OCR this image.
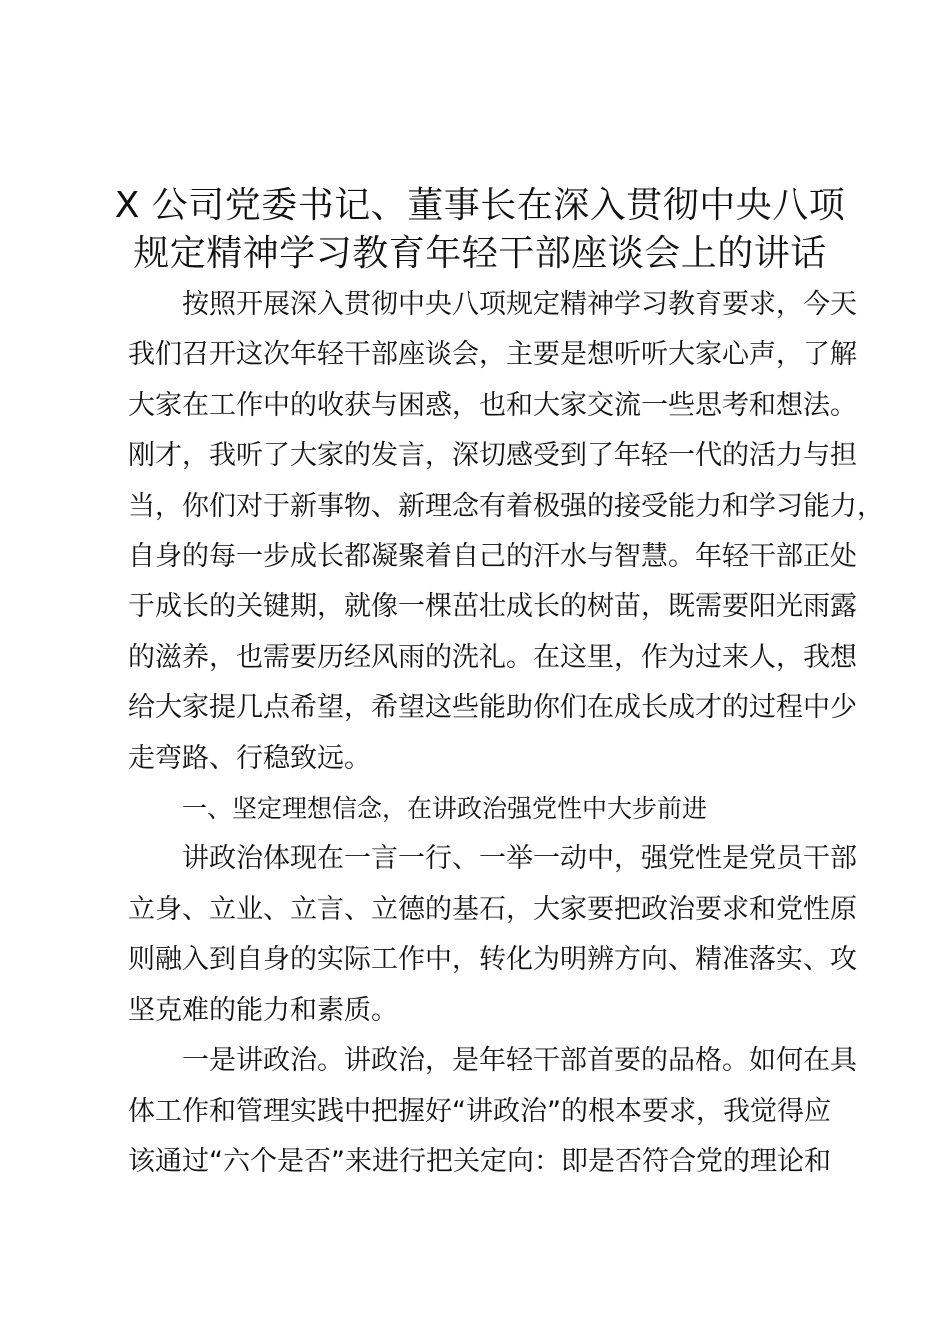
X 公司党委书记、董事长在深入贯彻中央八项
规定精神学习教育年轻干部座谈会上的讲话

按照开展深入贯彻中央八项规定精神学习教育要求，今天
我们召开这次年轻干部座谈会，主要是想听听大家心声，了解
大家在工作中的收获与困惑，也和大家交流一些思考和想法。
刚才，我听了大家的发言，深切感受到了年轻一代的活力与担
当，你们对于新事物、新理念有着极强的接受能力和学习能力，
自身的每一步成长都凝聚着自己的汗水与智慧。年轻干部正处
于成长的关键期，就像一棵茁壮成长的树苗，既需要阳光雨露
的滋养，也需要历经风雨的洗礼。在这里，作为过来人，我想
给大家提几点希望，希望这些能助你们在成长成才的过程中少
走弯路、行稳致远。

一、坚定理想信念，在讲政治强党性中大步前进

讲政治体现在一言一行、一举一动中，强党性是党员干部
立身、立业、立言、立德的基石，大家要把政治要求和党性原
则融入到自身的实际工作中，转化为明辨方向、精准落实、攻
坚克难的能力和素质。

一是讲政治。讲政治，是年轻干部首要的品格。如何在具
体工作和管理实践中把握好“讲政治”的根本要求，我觉得应
该通过“六个是否”来进行把关定向：即是否符合党的理论和
